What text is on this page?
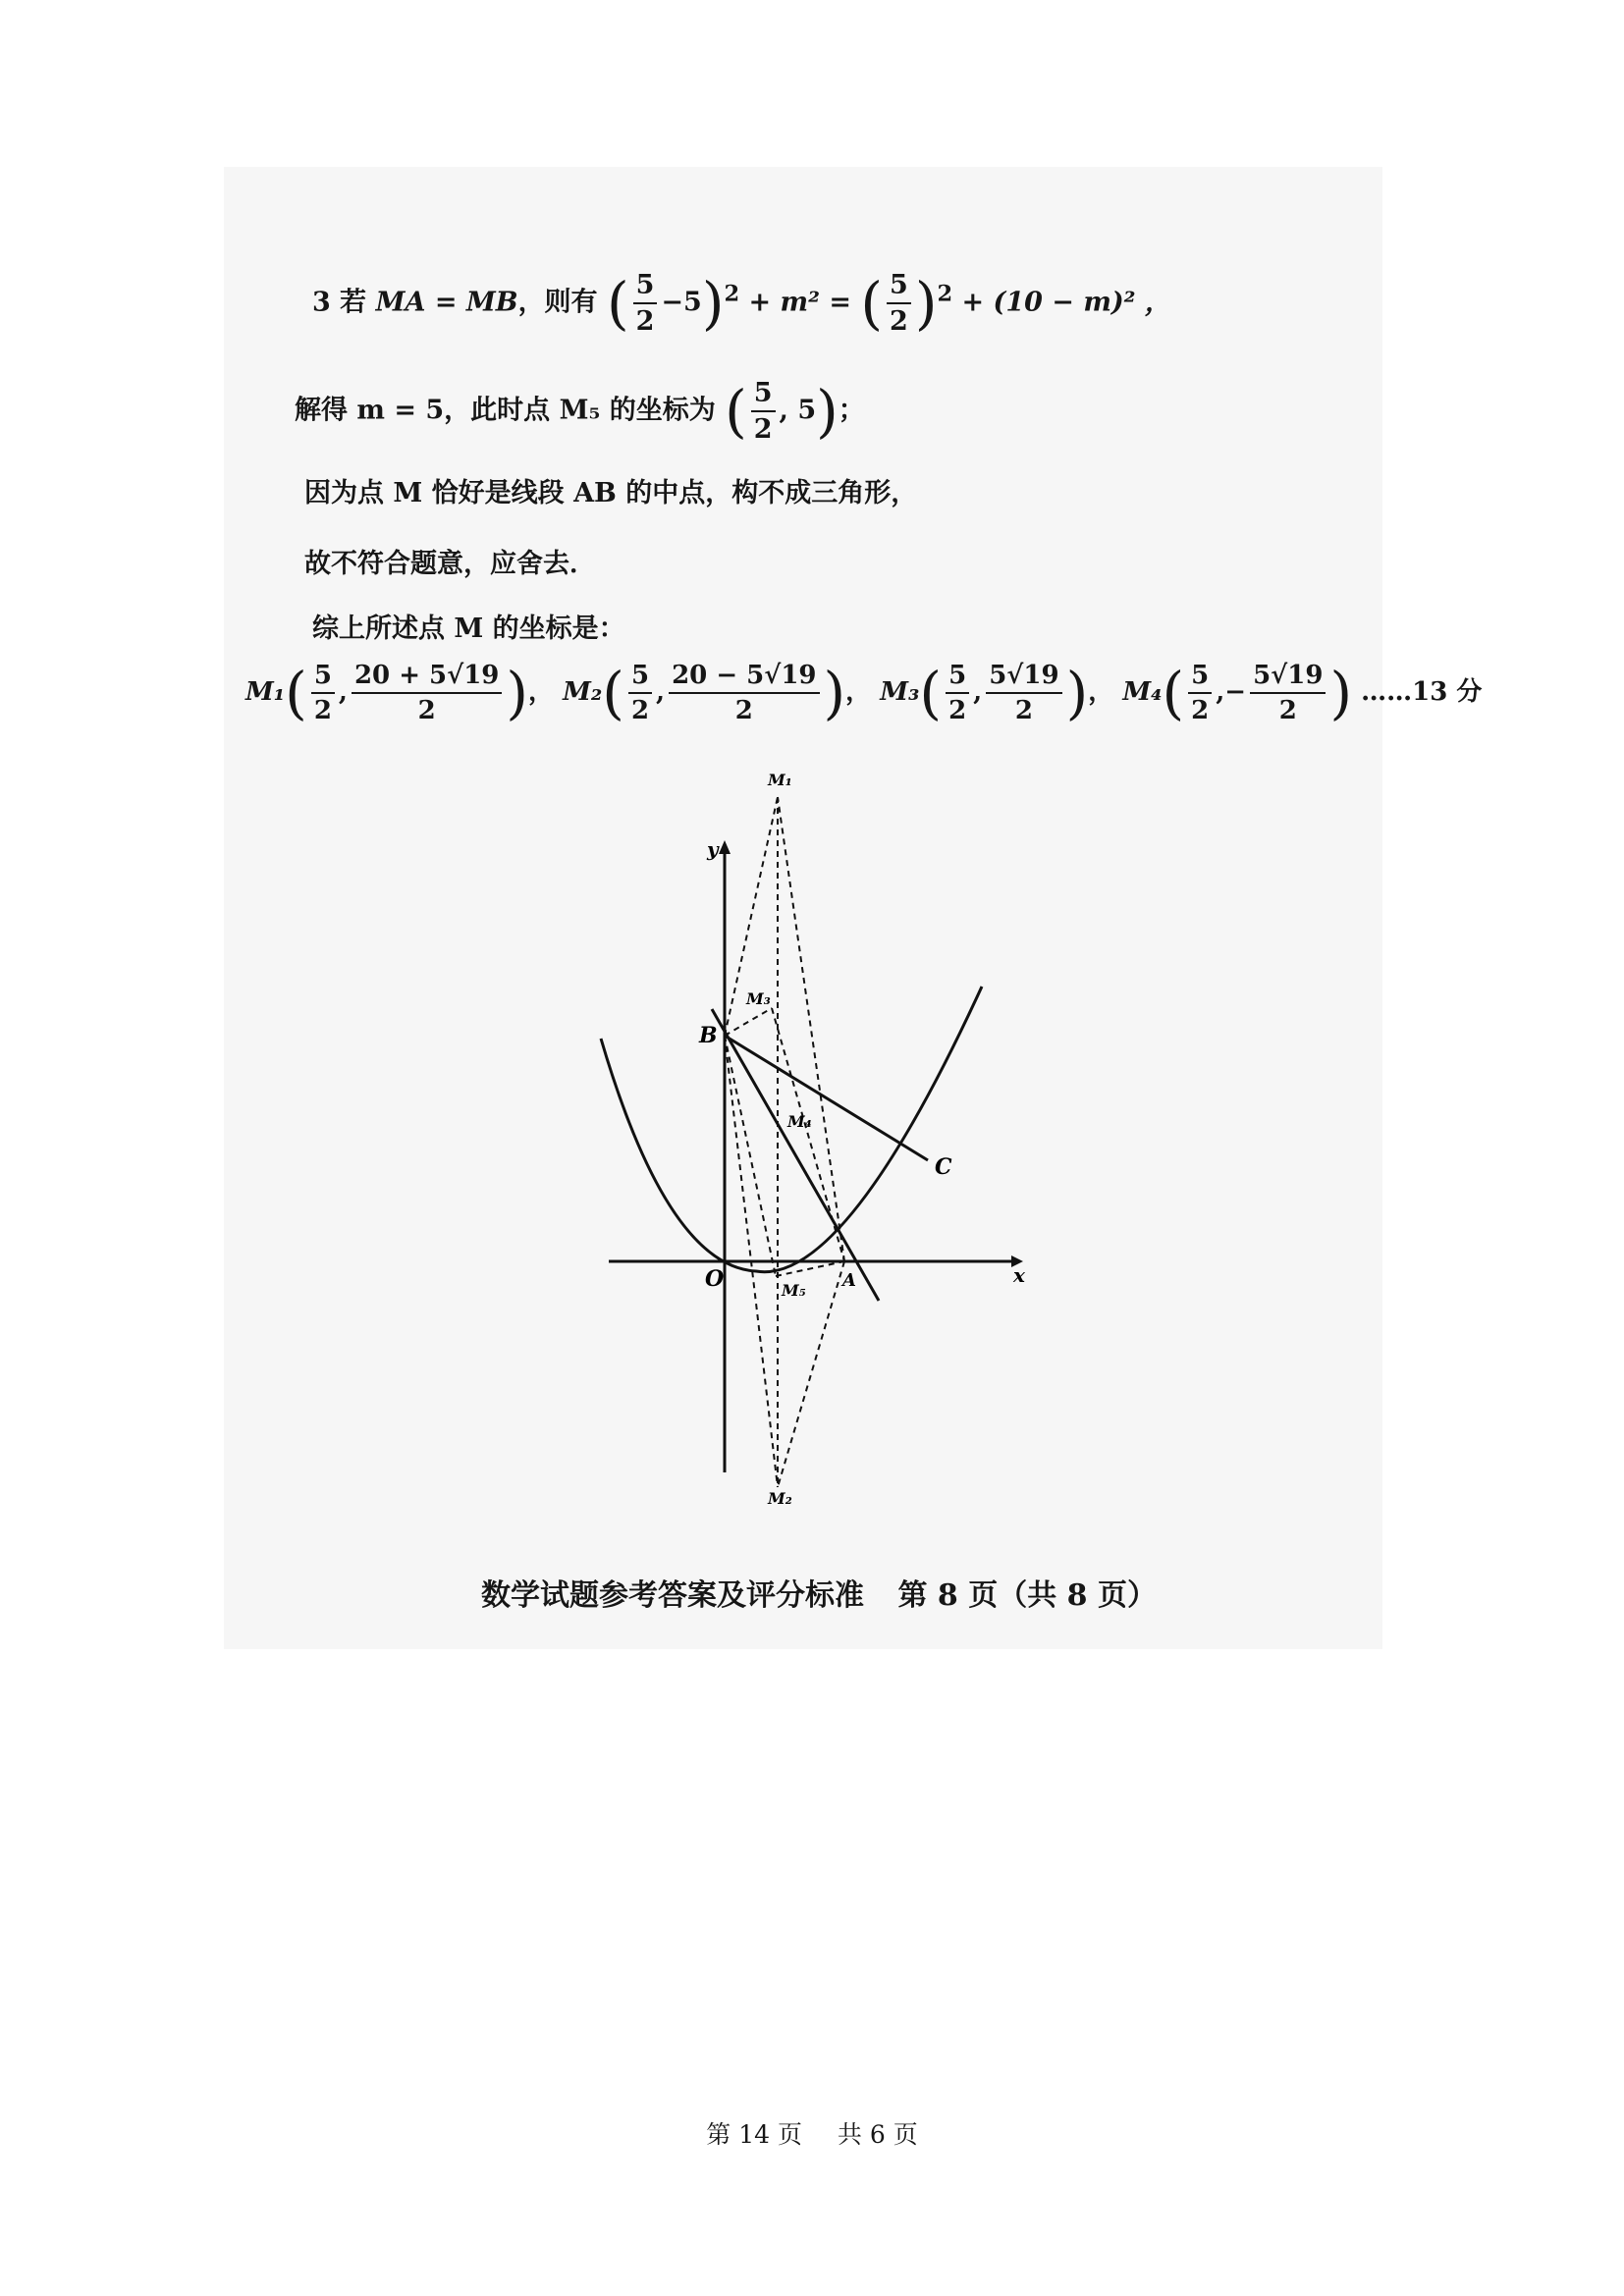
3 若 MA = MB，则有 ( $\frac{5}{2} -5)^2 + m^2$ = ( $\frac{5}{2} )^2 + (10 - m)^2$ ，
解得 m = 5，此时点 M₅ 的坐标为 ( $\frac{5}{2}$ , 5)；
因为点 M 恰好是线段 AB 的中点，构不成三角形，
故不符合题意，应舍去．
综上所述点 M 的坐标是：
$M_1( \frac{5}{2}$ , $\frac{20 + 5√19}{2}$ )， $M_2( \frac{5}{2}$ , $\frac{20 - 5√19}{2}$ )， $M_3( \frac{5}{2}$ , $\frac{5√19}{2}$ )， $M_4( \frac{5}{2}$ ,− $\frac{5√19}{2}$ ) ……13 分
y
x
O
B
C
A
M₁
M₂
M₃
M₄
M₅
数学试题参考答案及评分标准 第 8 页（共 8 页）
第 14 页 共 6 页
